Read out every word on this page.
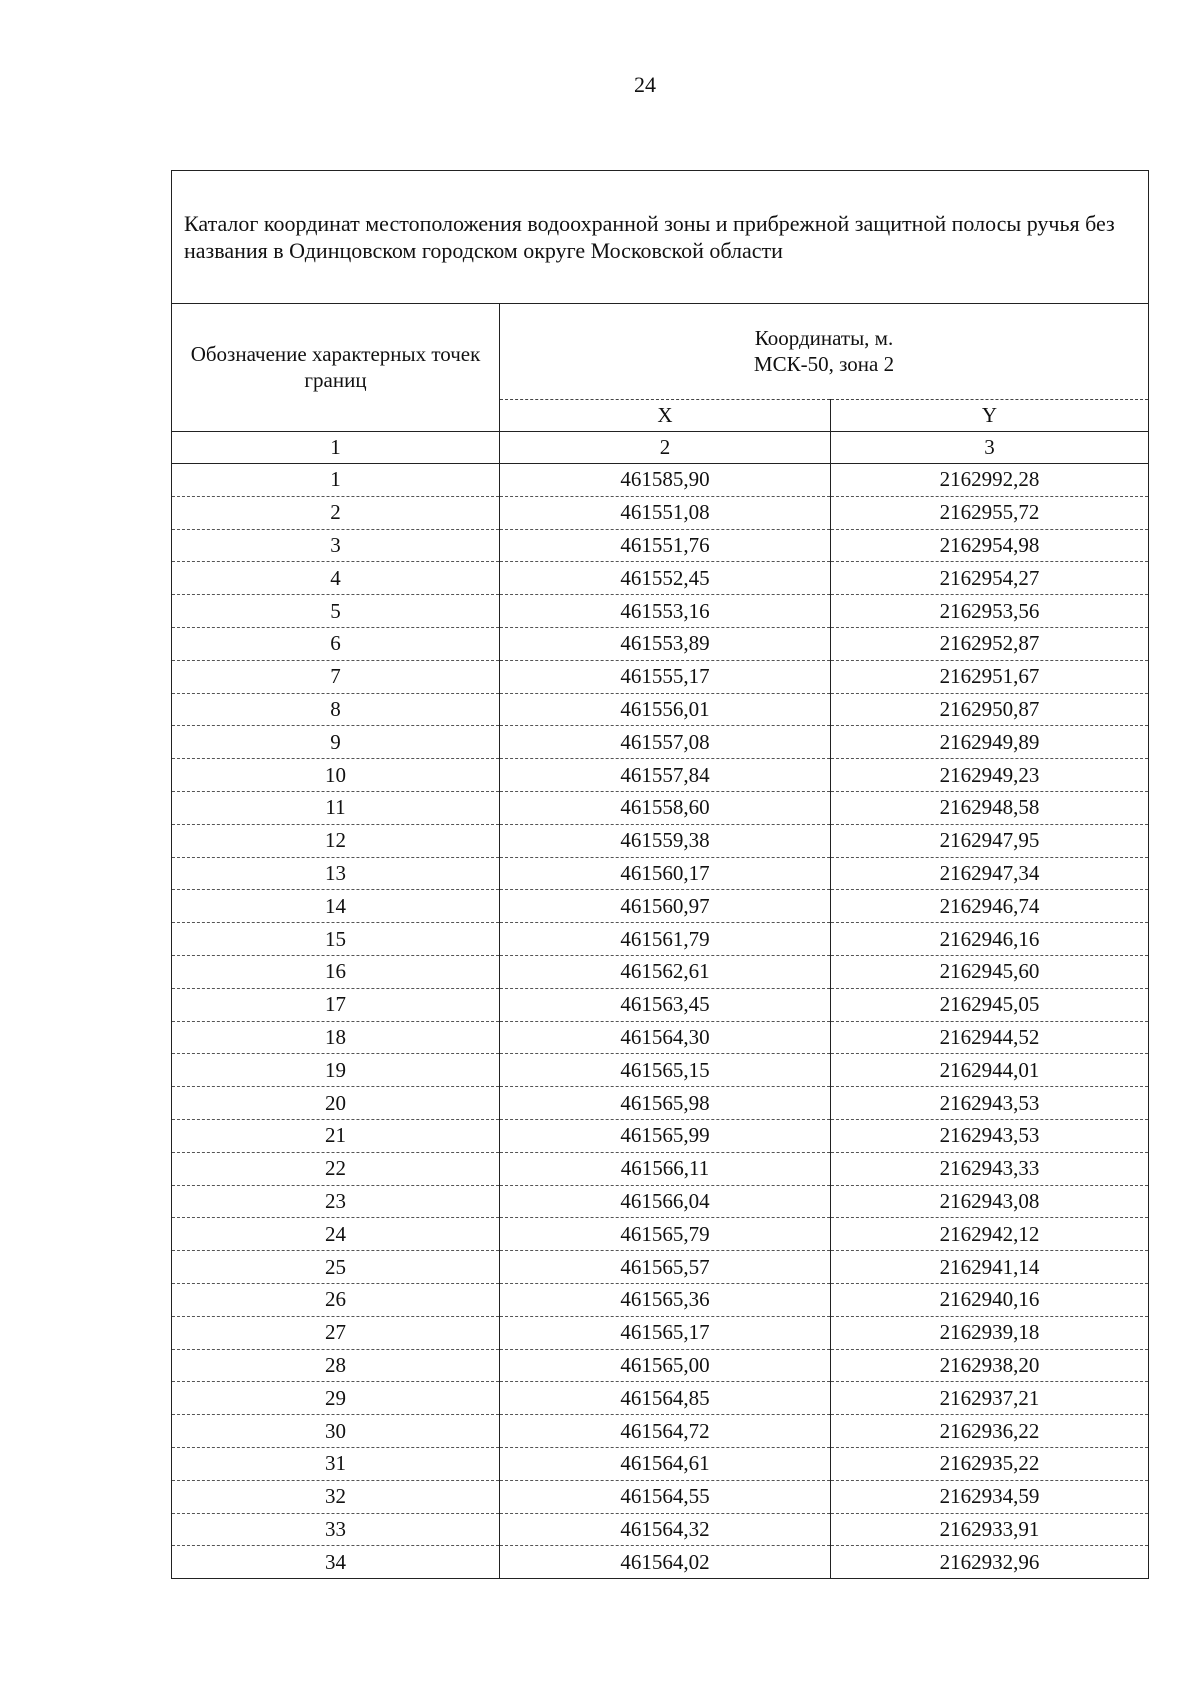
24
Каталог координат местоположения водоохранной зоны и прибрежной защитной полосы ручья без названия в Одинцовском городском округе Московской области		
Обозначение характерных точек границ	Координаты, м.
МСК-50, зона 2	

	X	Y
1	2	3
1	461585,90	2162992,28
2	461551,08	2162955,72
3	461551,76	2162954,98
4	461552,45	2162954,27
5	461553,16	2162953,56
6	461553,89	2162952,87
7	461555,17	2162951,67
8	461556,01	2162950,87
9	461557,08	2162949,89
10	461557,84	2162949,23
11	461558,60	2162948,58
12	461559,38	2162947,95
13	461560,17	2162947,34
14	461560,97	2162946,74
15	461561,79	2162946,16
16	461562,61	2162945,60
17	461563,45	2162945,05
18	461564,30	2162944,52
19	461565,15	2162944,01
20	461565,98	2162943,53
21	461565,99	2162943,53
22	461566,11	2162943,33
23	461566,04	2162943,08
24	461565,79	2162942,12
25	461565,57	2162941,14
26	461565,36	2162940,16
27	461565,17	2162939,18
28	461565,00	2162938,20
29	461564,85	2162937,21
30	461564,72	2162936,22
31	461564,61	2162935,22
32	461564,55	2162934,59
33	461564,32	2162933,91
34	461564,02	2162932,96
